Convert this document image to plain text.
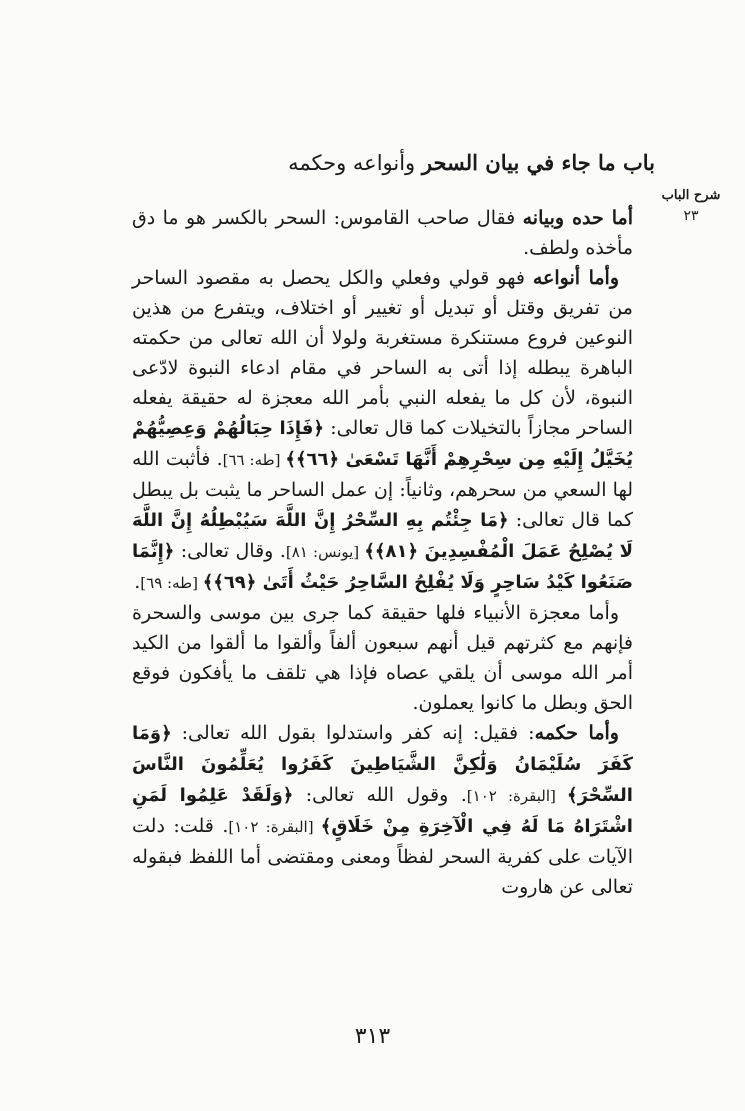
باب ما جاء في بيان السحر وأنواعه وحكمه
شرح الباب
٢٣

أما حده وبيانه فقال صاحب القاموس: السحر بالكسر هو ما دق مأخذه ولطف.

وأما أنواعه فهو قولي وفعلي والكل يحصل به مقصود الساحر من تفريق وقتل أو تبديل أو تغيير أو اختلاف، ويتفرع من هذين النوعين فروع مستنكرة مستغربة ولولا أن الله تعالى من حكمته الباهرة يبطله إذا أتى به الساحر في مقام ادعاء النبوة لادّعى النبوة، لأن كل ما يفعله النبي بأمر الله معجزة له حقيقة يفعله الساحر مجازاً بالتخيلات كما قال تعالى: ﴿فَإِذَا حِبَالُهُمْ وَعِصِيُّهُمْ يُخَيَّلُ إِلَيْهِ مِن سِحْرِهِمْ أَنَّهَا تَسْعَىٰ ﴿٦٦﴾﴾ [طه: ٦٦]. فأثبت الله لها السعي من سحرهم، وثانياً: إن عمل الساحر ما يثبت بل يبطل كما قال تعالى: ﴿مَا جِئْتُم بِهِ السِّحْرُ إِنَّ اللَّهَ سَيُبْطِلُهُ إِنَّ اللَّهَ لَا يُصْلِحُ عَمَلَ الْمُفْسِدِينَ ﴿٨١﴾﴾ [يونس: ٨١]. وقال تعالى: ﴿إِنَّمَا صَنَعُوا كَيْدُ سَاحِرٍ وَلَا يُفْلِحُ السَّاحِرُ حَيْثُ أَتَىٰ ﴿٦٩﴾﴾ [طه: ٦٩].

وأما معجزة الأنبياء فلها حقيقة كما جرى بين موسى والسحرة فإنهم مع كثرتهم قيل أنهم سبعون ألفاً وألقوا ما ألقوا من الكيد أمر الله موسى أن يلقي عصاه فإذا هي تلقف ما يأفكون فوقع الحق وبطل ما كانوا يعملون.

وأما حكمه: فقيل: إنه كفر واستدلوا بقول الله تعالى: ﴿وَمَا كَفَرَ سُلَيْمَانُ وَلَٰكِنَّ الشَّيَاطِينَ كَفَرُوا يُعَلِّمُونَ النَّاسَ السِّحْرَ﴾ [البقرة: ١٠٢]. وقول الله تعالى: ﴿وَلَقَدْ عَلِمُوا لَمَنِ اشْتَرَاهُ مَا لَهُ فِي الْآخِرَةِ مِنْ خَلَاقٍ﴾ [البقرة: ١٠٢]. قلت: دلت الآيات على كفرية السحر لفظاً ومعنى ومقتضى أما اللفظ فبقوله تعالى عن هاروت

٣١٣
